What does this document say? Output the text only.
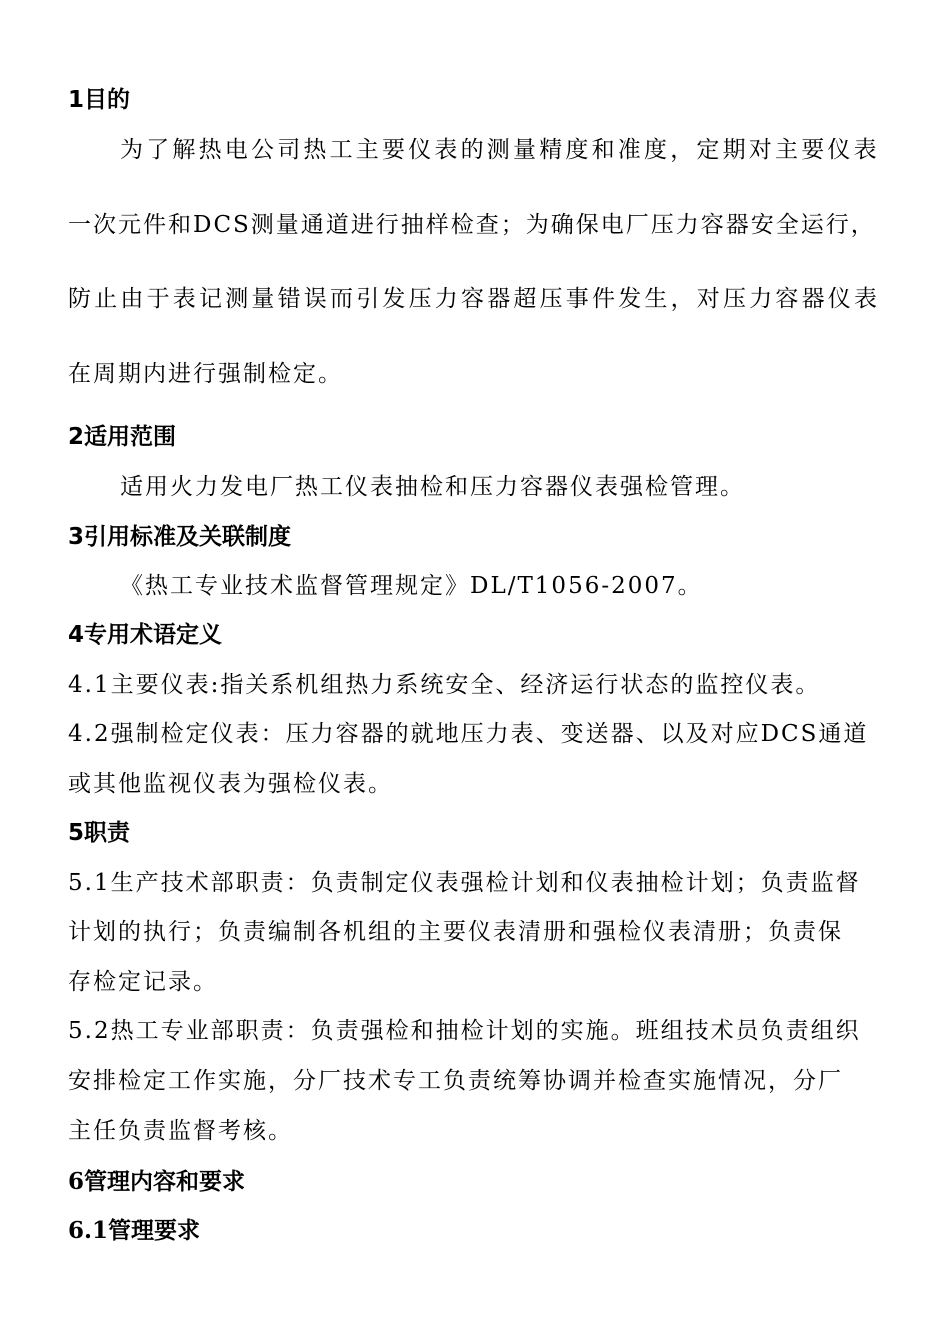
1目的
为了解热电公司热工主要仪表的测量精度和准度，定期对主要仪表
一次元件和DCS测量通道进行抽样检查；为确保电厂压力容器安全运行，
防止由于表记测量错误而引发压力容器超压事件发生，对压力容器仪表
在周期内进行强制检定。
2适用范围
适用火力发电厂热工仪表抽检和压力容器仪表强检管理。
3引用标准及关联制度
《热工专业技术监督管理规定》DL/T1056-2007。
4专用术语定义
4.1主要仪表:指关系机组热力系统安全、经济运行状态的监控仪表。
4.2强制检定仪表：压力容器的就地压力表、变送器、以及对应DCS通道
或其他监视仪表为强检仪表。
5职责
5.1生产技术部职责：负责制定仪表强检计划和仪表抽检计划；负责监督
计划的执行；负责编制各机组的主要仪表清册和强检仪表清册；负责保
存检定记录。
5.2热工专业部职责：负责强检和抽检计划的实施。班组技术员负责组织
安排检定工作实施，分厂技术专工负责统筹协调并检查实施情况，分厂
主任负责监督考核。
6管理内容和要求
6.1管理要求
